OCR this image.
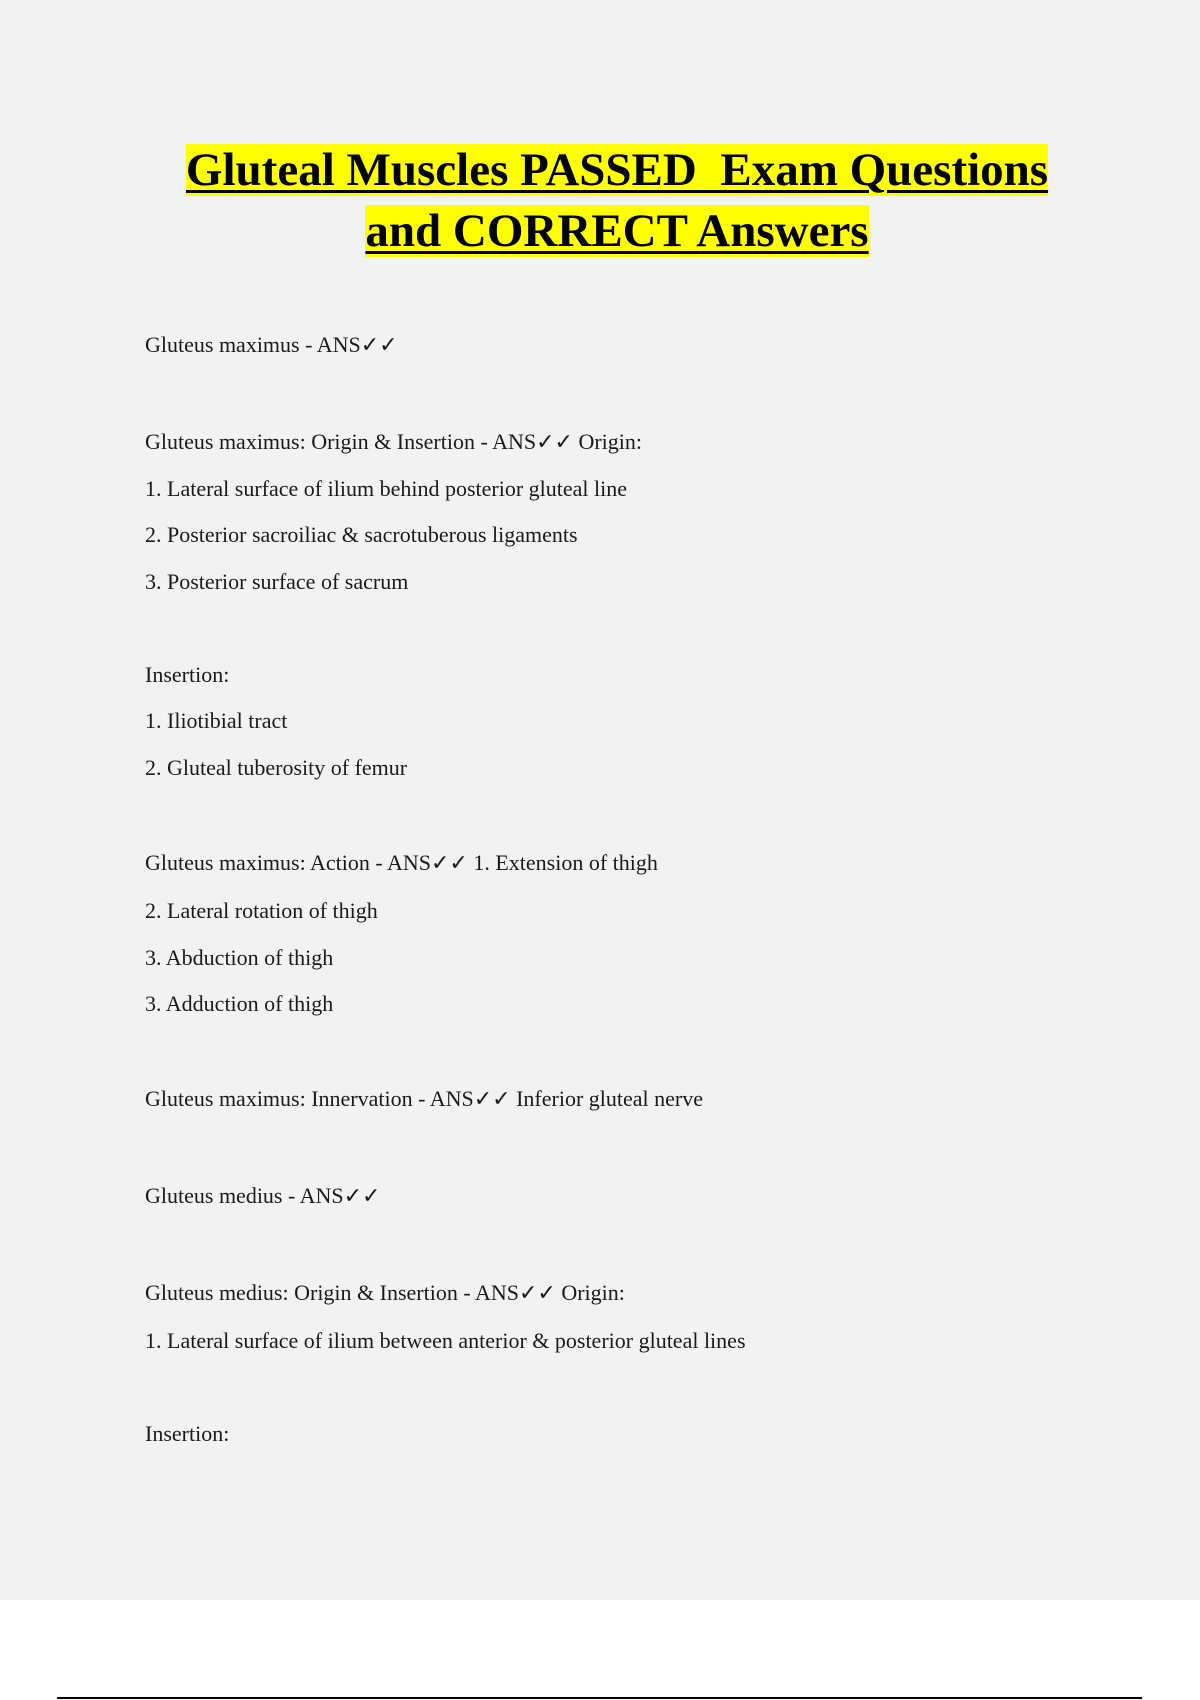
Gluteal Muscles PASSED  Exam Questions
and CORRECT Answers
Gluteus maximus - ANS✓✓
Gluteus maximus: Origin & Insertion - ANS✓✓ Origin:
1. Lateral surface of ilium behind posterior gluteal line
2. Posterior sacroiliac & sacrotuberous ligaments
3. Posterior surface of sacrum
Insertion:
1. Iliotibial tract
2. Gluteal tuberosity of femur
Gluteus maximus: Action - ANS✓✓ 1. Extension of thigh
2. Lateral rotation of thigh
3. Abduction of thigh
3. Adduction of thigh
Gluteus maximus: Innervation - ANS✓✓ Inferior gluteal nerve
Gluteus medius - ANS✓✓
Gluteus medius: Origin & Insertion - ANS✓✓ Origin:
1. Lateral surface of ilium between anterior & posterior gluteal lines
Insertion:
